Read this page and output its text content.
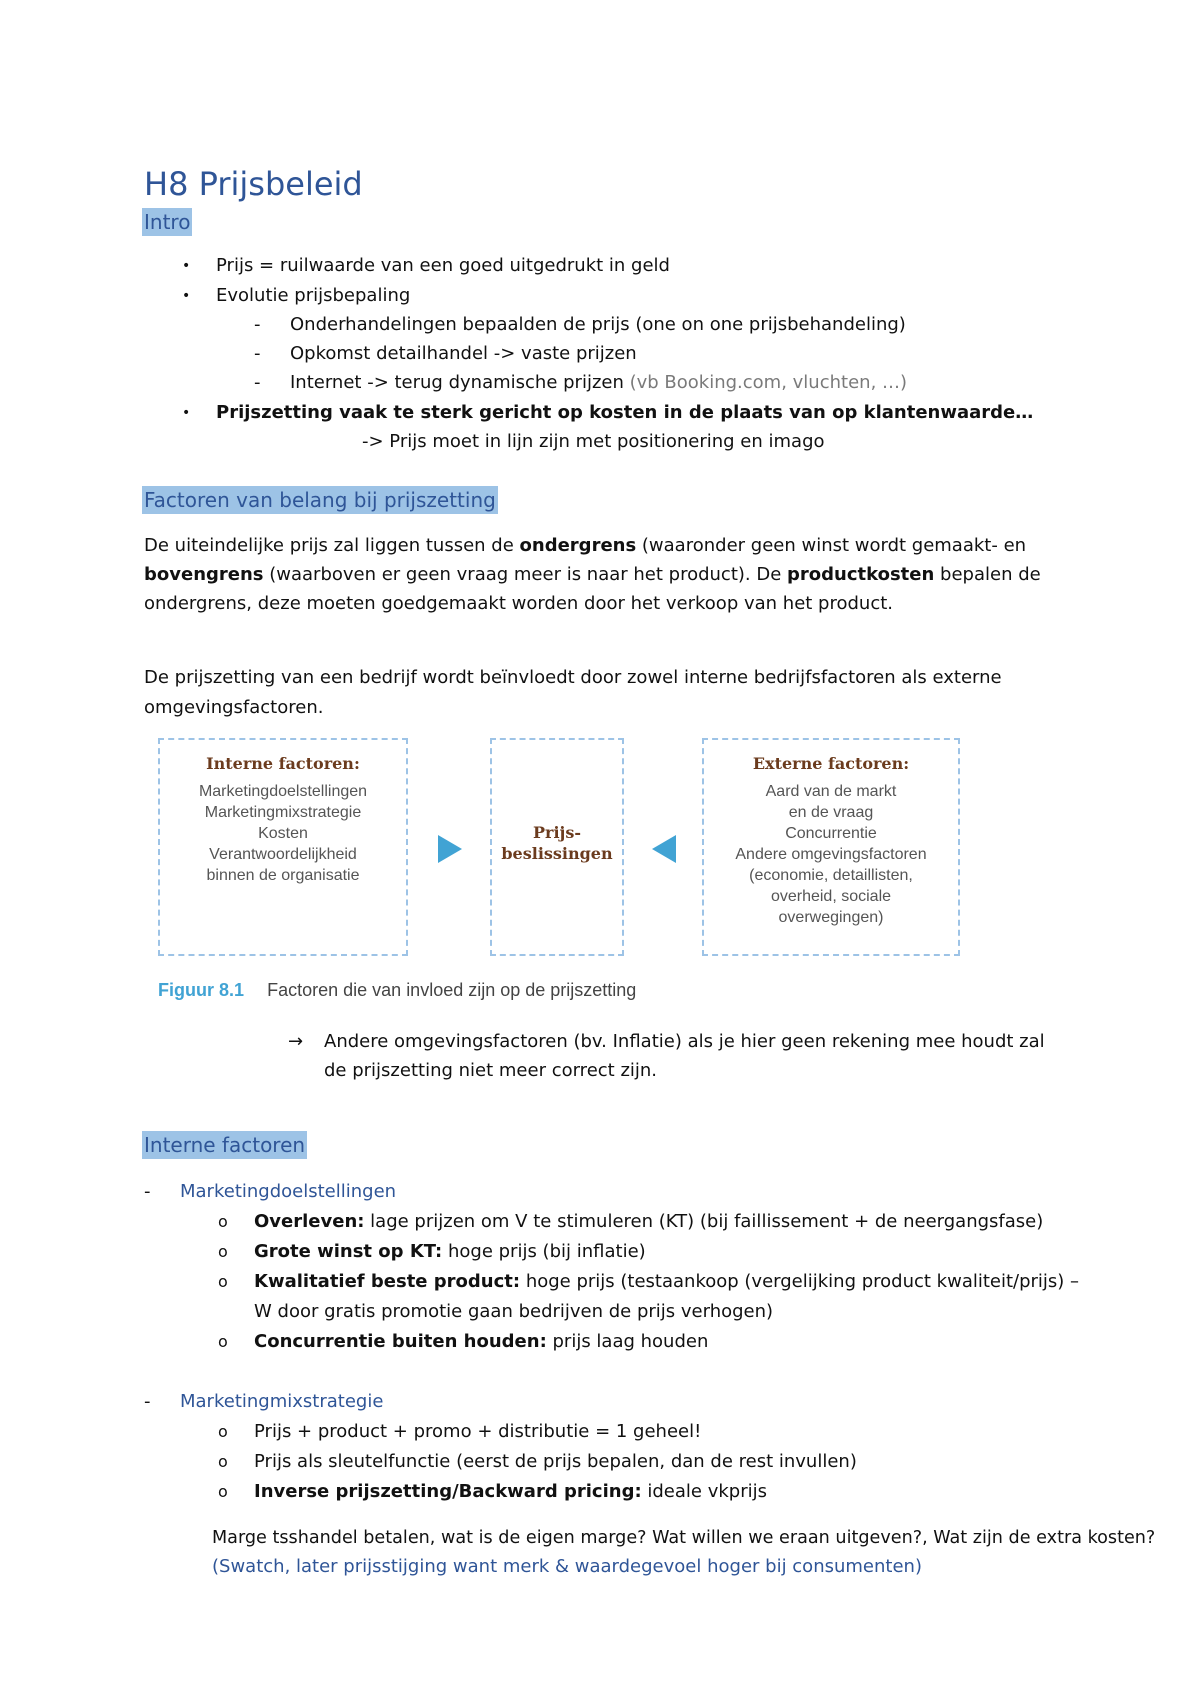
H8 Prijsbeleid
Intro
• Prijs = ruilwaarde van een goed uitgedrukt in geld
• Evolutie prijsbepaling
- Onderhandelingen bepaalden de prijs (one on one prijsbehandeling)
- Opkomst detailhandel -> vaste prijzen
- Internet -> terug dynamische prijzen (vb Booking.com, vluchten, …)
• Prijszetting vaak te sterk gericht op kosten in de plaats van op klantenwaarde…
-> Prijs moet in lijn zijn met positionering en imago
Factoren van belang bij prijszetting
De uiteindelijke prijs zal liggen tussen de ondergrens (waaronder geen winst wordt gemaakt- en
bovengrens (waarboven er geen vraag meer is naar het product). De productkosten bepalen de
ondergrens, deze moeten goedgemaakt worden door het verkoop van het product.
De prijszetting van een bedrijf wordt beïnvloedt door zowel interne bedrijfsfactoren als externe
omgevingsfactoren.
Interne factoren:
Marketingdoelstellingen
Marketingmixstrategie
Kosten
Verantwoordelijkheid
binnen de organisatie
Prijs-
beslissingen
Externe factoren:
Aard van de markt
en de vraag
Concurrentie
Andere omgevingsfactoren
(economie, detaillisten,
overheid, sociale
overwegingen)
Figuur 8.1 Factoren die van invloed zijn op de prijszetting
→ Andere omgevingsfactoren (bv. Inflatie) als je hier geen rekening mee houdt zal
de prijszetting niet meer correct zijn.
Interne factoren
- Marketingdoelstellingen
o Overleven: lage prijzen om V te stimuleren (KT) (bij faillissement + de neergangsfase)
o Grote winst op KT: hoge prijs (bij inflatie)
o Kwalitatief beste product: hoge prijs (testaankoop (vergelijking product kwaliteit/prijs) –
W door gratis promotie gaan bedrijven de prijs verhogen)
o Concurrentie buiten houden: prijs laag houden
- Marketingmixstrategie
o Prijs + product + promo + distributie = 1 geheel!
o Prijs als sleutelfunctie (eerst de prijs bepalen, dan de rest invullen)
o Inverse prijszetting/Backward pricing: ideale vkprijs
Marge tsshandel betalen, wat is de eigen marge? Wat willen we eraan uitgeven?, Wat zijn de extra kosten?
(Swatch, later prijsstijging want merk & waardegevoel hoger bij consumenten)
